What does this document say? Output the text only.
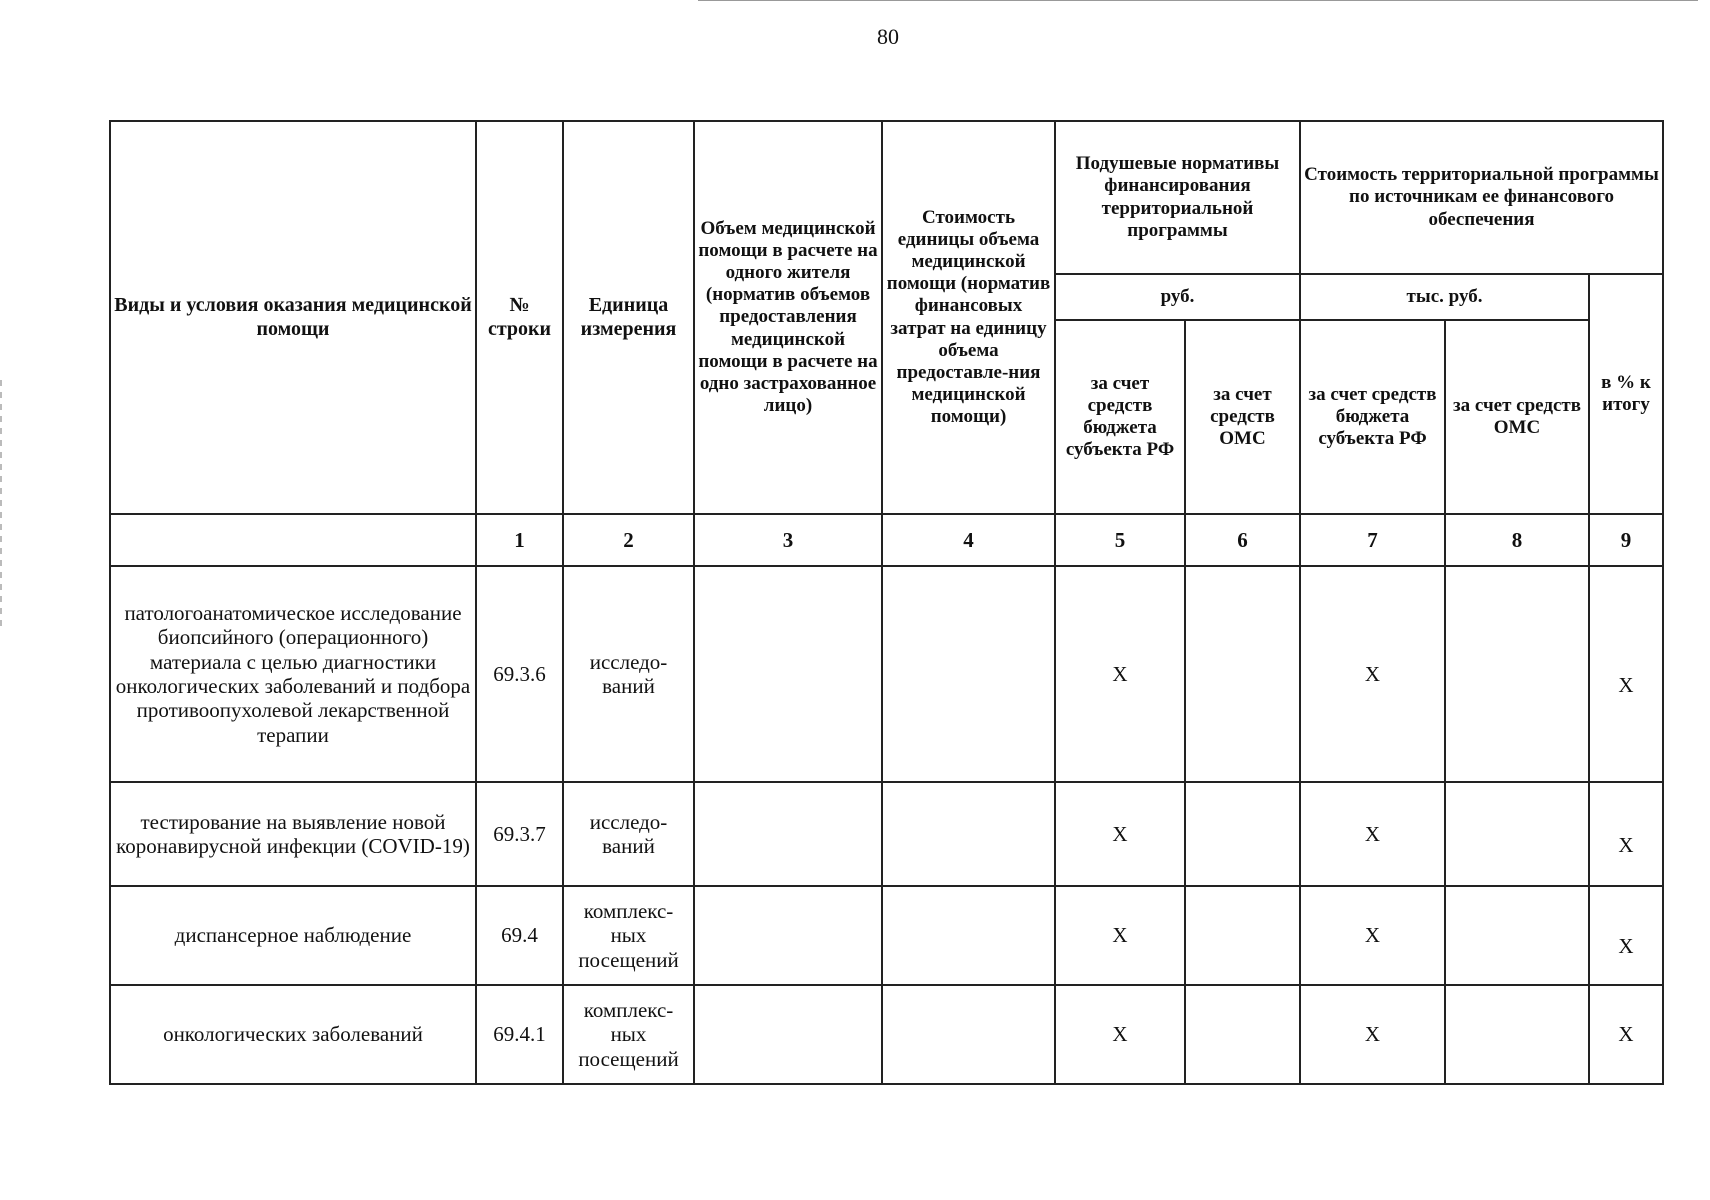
80
Виды и условия оказания медицинской помощи	№ строки	Единица измерения	Объем медицинской помощи в расчете на одного жителя (норматив объемов предоставления медицинской помощи в расчете на одно застрахованное лицо)	Стоимость единицы объема медицинской помощи (норматив финансовых затрат на единицу объема предоставле-ния медицинской помощи)	Подушевые нормативы финансирования территориальной программы		Стоимость территориальной программы по источникам ее финансового обеспечения		
					руб.		тыс. руб.		в % к итогу
					за счет средств бюджета субъекта РФ	за счет средств ОМС	за счет средств бюджета субъекта РФ	за счет средств ОМС	
	1	2	3	4	5	6	7	8	9
патологоанатомическое исследование биопсийного (операционного) материала с целью диагностики онкологических заболеваний и подбора противоопухолевой лекарственной терапии	69.3.6	исследо-ваний			X		X		X
тестирование на выявление новой коронавирусной инфекции (COVID-19)	69.3.7	исследо-ваний			X		X		X
диспансерное наблюдение	69.4	комплекс-ных посещений			X		X		X
онкологических заболеваний	69.4.1	комплекс-ных посещений			X		X		X
